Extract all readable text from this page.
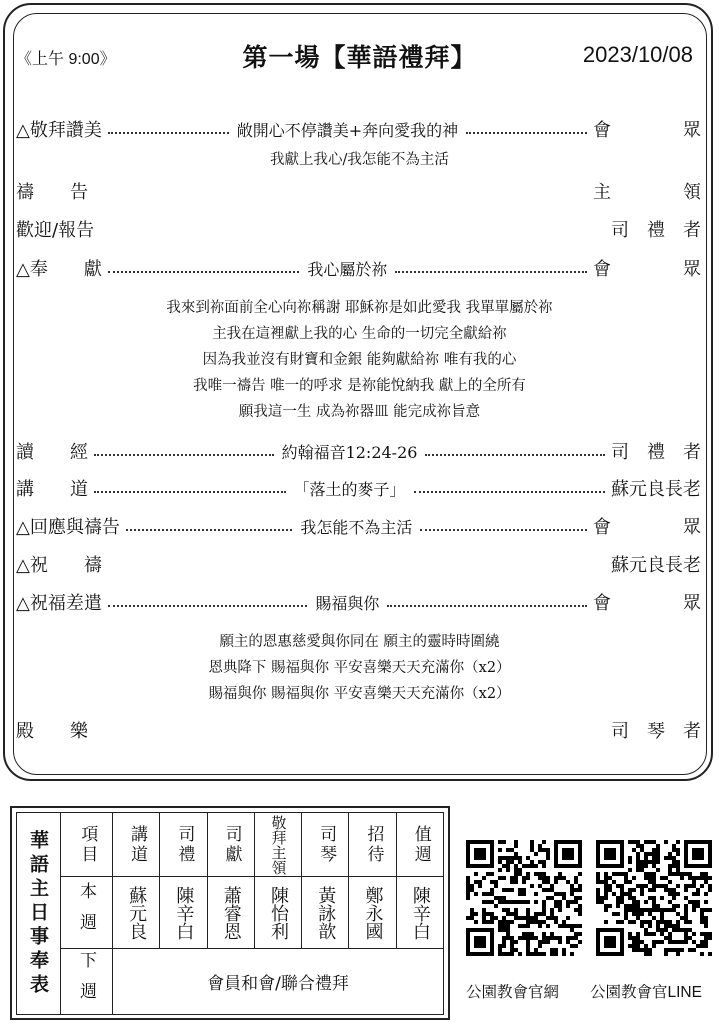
《上午 9:00》	第一場【華語禮拜】	2023/10/08
△敬拜讚美	敞開心不停讚美+奔向愛我的神	會　　　　眾
我獻上我心/我怎能不為主活
禱　　告	主　　　　領
歡迎/報告	司　禮　者
△奉　　獻	我心屬於祢	會　　　　眾
我來到祢面前全心向祢稱謝 耶穌祢是如此愛我 我單單屬於祢
主我在這裡獻上我的心 生命的一切完全獻給祢
因為我並沒有財寶和金銀 能夠獻給祢 唯有我的心
我唯一禱告 唯一的呼求 是祢能悅納我 獻上的全所有
願我這一生 成為祢器皿 能完成祢旨意
讀　　經	約翰福音12:24-26	司　禮　者
講　　道	「落土的麥子」	蘇元良長老
△回應與禱告	我怎能不為主活	會　　　　眾
△祝　　禱	蘇元良長老
△祝福差遣	賜福與你	會　　　　眾
願主的恩惠慈愛與你同在 願主的靈時時圍繞
恩典降下 賜福與你 平安喜樂天天充滿你（x2）
賜福與你 賜福與你 平安喜樂天天充滿你（x2）
殿　　樂	司　琴　者
華語主日事奉表	項目	講道	司禮	司獻	敬拜主領	司琴	招待	值週

	本週	蘇元良	陳辛白	蕭睿恩	陳怡利	黃詠歆	鄭永國	陳辛白

	下週	會員和會/聯合禮拜							公園教會官網 公園教會官LINE
